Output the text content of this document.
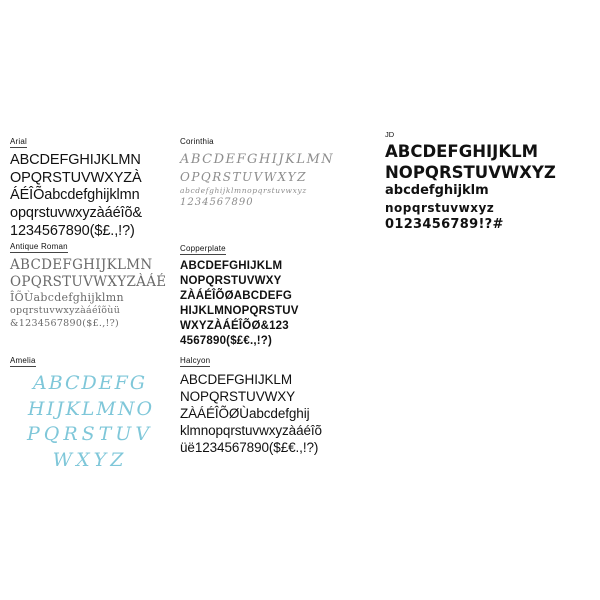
Arial
ABCDEFGHIJKLMN
OPQRSTUVWXYZÀ
ÁÉÎÕabcdefghijklmn
opqrstuvwxyzàáéîõ&
1234567890($£.,!?)
Antique Roman
ABCDEFGHIJKLMN
OPQRSTUVWXYZÀÁÉ
ÎÕÙabcdefghijklmn
opqrstuvwxyzàáéîõùü
&1234567890($£.,!?)
Amelia
ABCDEFG
HIJKLMNO
PQRSTUV
WXYZ
Corinthia
ABCDEFGHIJKLMN
OPQRSTUVWXYZ
abcdefghijklmnopqrstuvwxyz
1234567890
Copperplate
ABCDEFGHIJKLM
NOPQRSTUVWXY
ZÀÁÉÎÕØABCDEFG
HIJKLMNOPQRSTUV
WXYZÀÁÉÎÕØ&123
4567890($£€.,!?)
Halcyon
ABCDEFGHIJKLM
NOPQRSTUVWXY
ZÀÁÉÎÕØÙabcdefghij
klmnopqrstuvwxyzàáéîõ
üё1234567890($£€.,!?)
JD
ABCDEFGHIJKLM
NOPQRSTUVWXYZ
abcdefghijklm
nopqrstuvwxyz
0123456789!?#
